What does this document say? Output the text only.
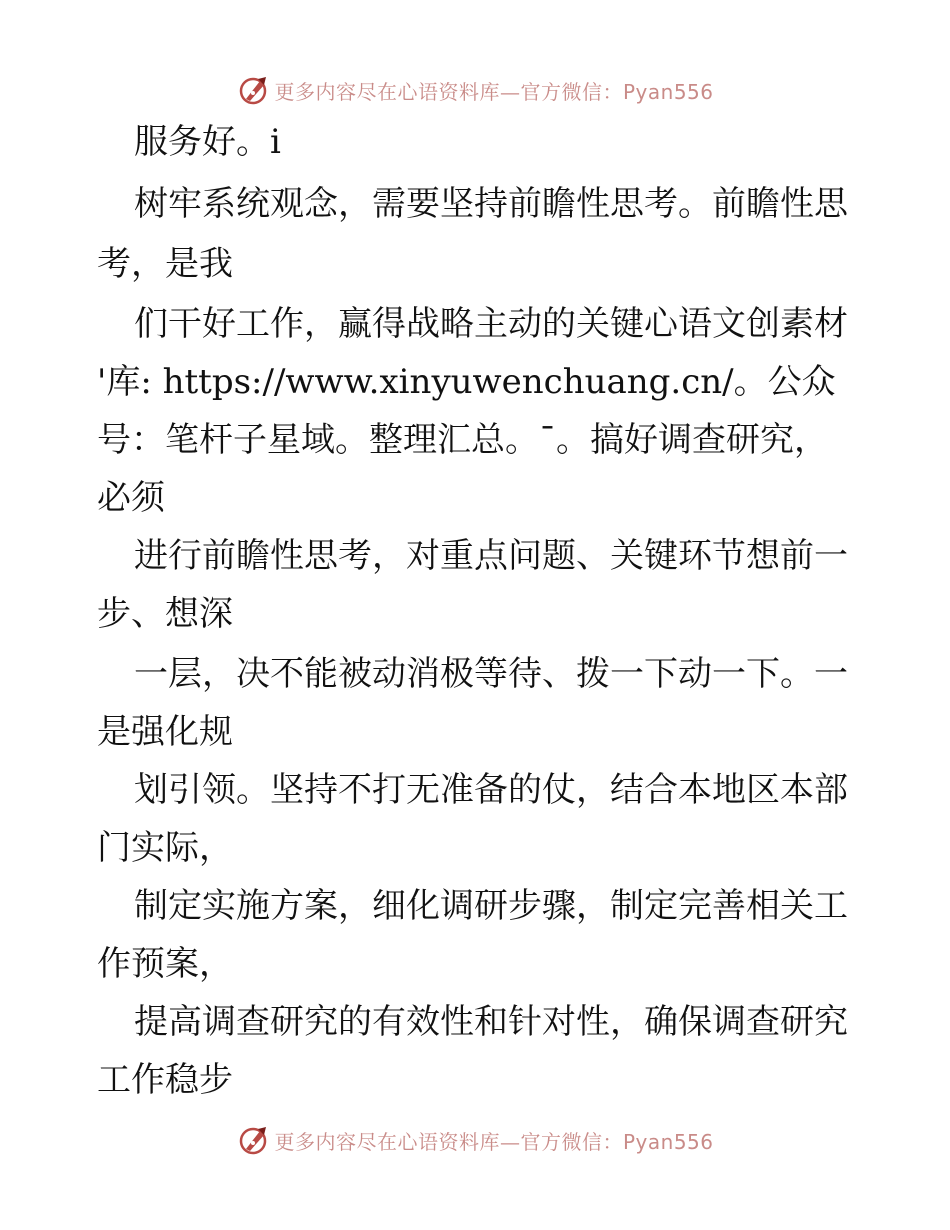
更多内容尽在心语资料库—官方微信：Pyan556
服务好。i
树牢系统观念，需要坚持前瞻性思考。前瞻性思
考，是我
们干好工作，赢得战略主动的关键心语文创素材
'库: https://www.xinyuwenchuang.cn/。公众
号：笔杆子星域。整理汇总。¯。搞好调查研究，
必须
进行前瞻性思考，对重点问题、关键环节想前一
步、想深
一层，决不能被动消极等待、拨一下动一下。一
是强化规
划引领。坚持不打无准备的仗，结合本地区本部
门实际，
制定实施方案，细化调研步骤，制定完善相关工
作预案，
提高调查研究的有效性和针对性，确保调查研究
工作稳步
更多内容尽在心语资料库—官方微信：Pyan556
